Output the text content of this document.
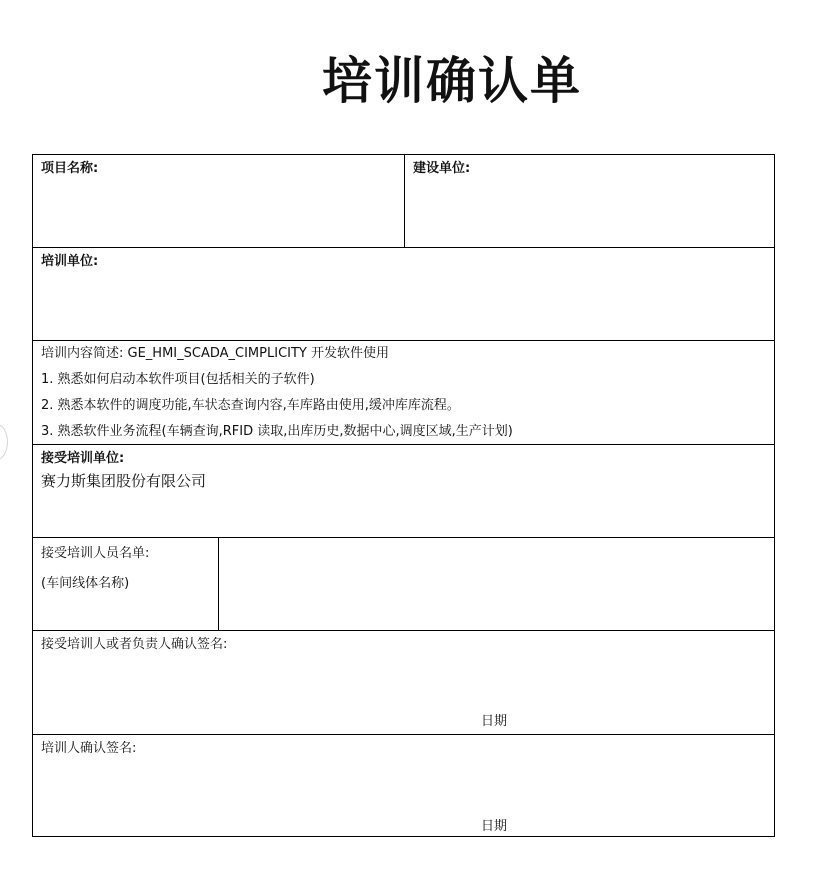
培训确认单
项目名称:	建设单位:
培训单位:
培训内容简述: GE_HMI_SCADA_CIMPLICITY 开发软件使用
1. 熟悉如何启动本软件项目(包括相关的子软件)
2. 熟悉本软件的调度功能,车状态查询内容,车库路由使用,缓冲库库流程。
3. 熟悉软件业务流程(车辆查询,RFID 读取,出库历史,数据中心,调度区域,生产计划)
接受培训单位:
赛力斯集团股份有限公司
接受培训人员名单:
(车间线体名称)
接受培训人或者负责人确认签名:
日期
培训人确认签名:
日期
